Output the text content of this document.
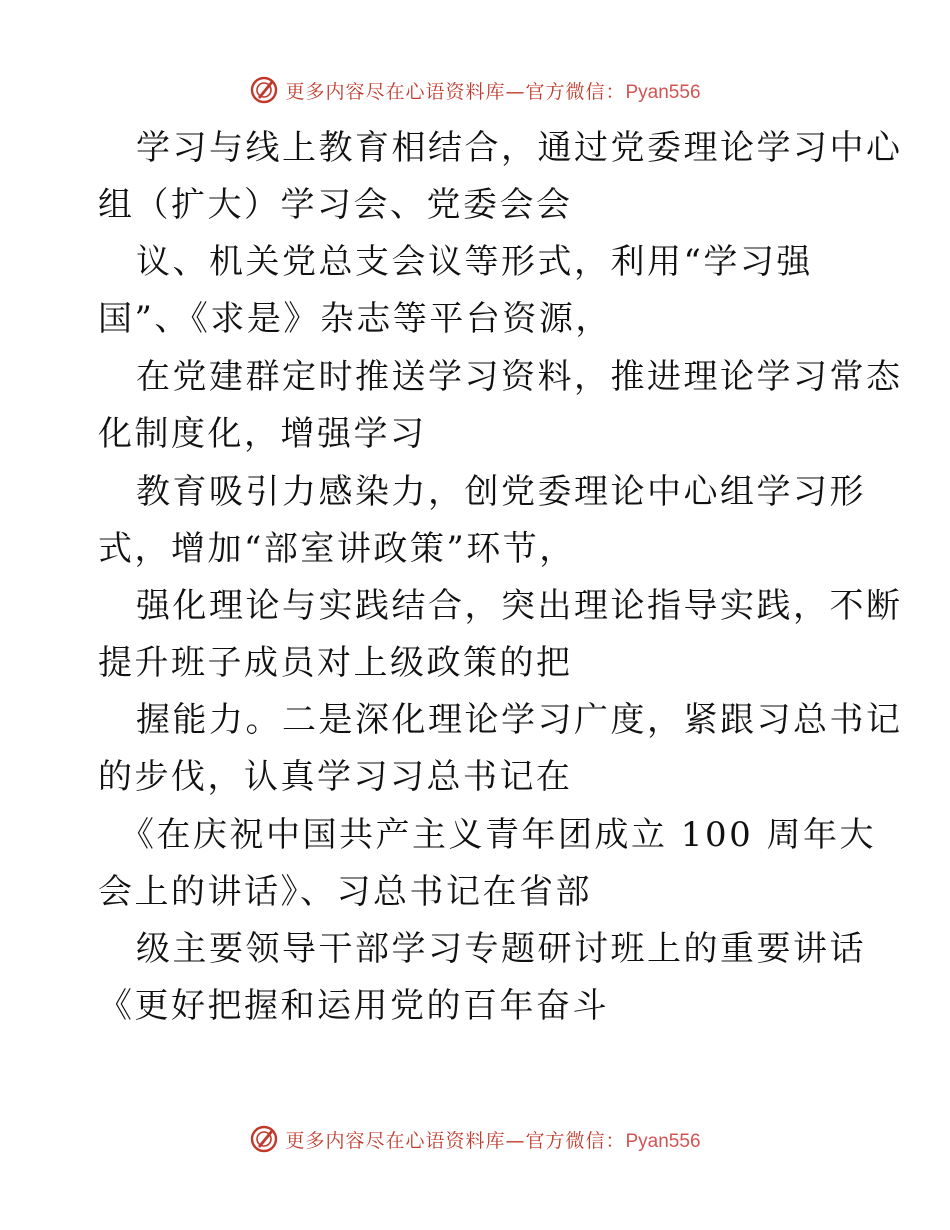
更多内容尽在心语资料库—官方微信：Pyan556
学习与线上教育相结合，通过党委理论学习中心
组（扩大）学习会、党委会会
议、机关党总支会议等形式，利用“学习强
国”、《求是》杂志等平台资源，
在党建群定时推送学习资料，推进理论学习常态
化制度化，增强学习
教育吸引力感染力，创党委理论中心组学习形
式，增加“部室讲政策”环节，
强化理论与实践结合，突出理论指导实践，不断
提升班子成员对上级政策的把
握能力。二是深化理论学习广度，紧跟习总书记
的步伐，认真学习习总书记在
《在庆祝中国共产主义青年团成立 100 周年大
会上的讲话》、习总书记在省部
级主要领导干部学习专题研讨班上的重要讲话
《更好把握和运用党的百年奋斗
更多内容尽在心语资料库—官方微信：Pyan556
